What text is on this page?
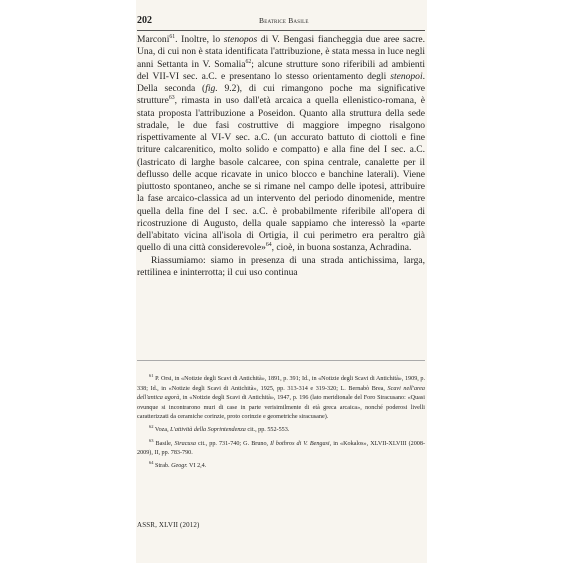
202	Beatrice Basile

Marconi$^{61}$. Inoltre, lo stenopos di V. Bengasi fiancheggia due aree sacre. Una, di cui non è stata identificata l'attribuzione, è stata messa in luce negli anni Settanta in V. Somalia$^{62}$; alcune strutture sono riferibili ad ambienti del VII-VI sec. a.C. e presentano lo stesso orientamento degli stenopoi. Della seconda (fig. 9.2), di cui rimangono poche ma significative strutture$^{63}$, rimasta in uso dall'età arcaica a quella ellenistico-romana, è stata proposta l'attribuzione a Poseidon. Quanto alla struttura della sede stradale, le due fasi costruttive di maggiore impegno risalgono rispettivamente al VI-V sec. a.C. (un accurato battuto di ciottoli e fine triture calcarenitico, molto solido e compatto) e alla fine del I sec. a.C. (lastricato di larghe basole calcaree, con spina centrale, canalette per il deflusso delle acque ricavate in unico blocco e banchine laterali). Viene piuttosto spontaneo, anche se si rimane nel campo delle ipotesi, attribuire la fase arcaico-classica ad un intervento del periodo dinomenide, mentre quella della fine del I sec. a.C. è probabilmente riferibile all'opera di ricostruzione di Augusto, della quale sappiamo che interessò la «parte dell'abitato vicina all'isola di Ortigia, il cui perimetro era peraltro già quello di una città considerevole»$^{64}$, cioè, in buona sostanza, Achradina.

Riassumiamo: siamo in presenza di una strada antichissima, larga, rettilinea e ininterrotta; il cui uso continua

$^{61}$ P. Orsi, in «Notizie degli Scavi di Antichità», 1891, p. 391; Id., in «Notizie degli Scavi di Antichità», 1909, p. 338; Id., in «Notizie degli Scavi di Antichità», 1925, pp. 313-314 e 319-320; L. Bernabò Brea, Scavi nell'area dell'antica agorà, in «Notizie degli Scavi di Antichità», 1947, p. 196 (lato meridionale del Foro Siracusano: «Quasi ovunque si incontrarono muri di case in parte verisimilmente di età greca arcaica», nonché poderosi livelli caratterizzati da ceramiche corinzie, proto corinzie e geometriche siracusane).

$^{62}$ Voza, L'attività della Soprintendenza cit., pp. 552-553.

$^{63}$ Basile, Siracusa cit., pp. 731-740; G. Bruno, Il bothros di V. Bengasi, in «Kokalos», XLVII-XLVIII (2008-2009), II, pp. 783-790.

$^{64}$ Strab. Geogr. VI 2,4.

ASSR, XLVII (2012)
